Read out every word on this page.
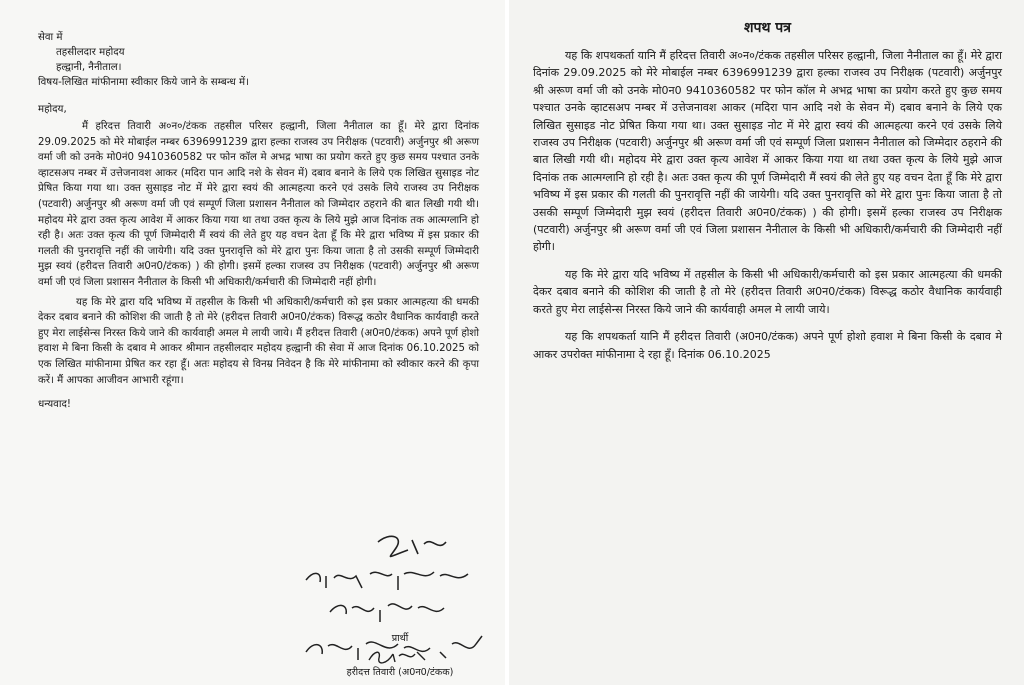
सेवा में

तहसीलदार महोदय

हल्द्वानी, नैनीताल।

विषय-लिखित मांफीनामा स्वीकार किये जाने के सम्बन्ध में।

महोदय,

मैं हरिदत्त तिवारी अ०न०/टंकक तहसील परिसर हल्द्वानी, जिला नैनीताल का हूँ। मेरे द्वारा दिनांक 29.09.2025 को मेरे मोबाईल नम्बर 6396991239 द्वारा हल्का राजस्व उप निरीक्षक (पटवारी) अर्जुनपुर श्री अरूण वर्मा जी को उनके मो0नं0 9410360582 पर फोन कॉल मे अभद्र भाषा का प्रयोग करते हुए कुछ समय पश्चात उनके व्हाटसअप नम्बर में उत्तेजनावश आकर (मदिरा पान आदि नशे के सेवन में) दबाव बनाने के लिये एक लिखित सुसाइड नोट प्रेषित किया गया था। उक्त सुसाइड नोट में मेरे द्वारा स्वयं की आत्महत्या करने एवं उसके लिये राजस्व उप निरीक्षक (पटवारी) अर्जुनपुर श्री अरूण वर्मा जी एवं सम्पूर्ण जिला प्रशासन नैनीताल को जिम्मेदार ठहराने की बात लिखी गयी थी। महोदय मेरे द्वारा उक्त कृत्य आवेश में आकर किया गया था तथा उक्त कृत्य के लिये मुझे आज दिनांक तक आत्मग्लानि हो रही है। अतः उक्त कृत्य की पूर्ण जिम्मेदारी मैं स्वयं की लेते हुए यह वचन देता हूँ कि मेरे द्वारा भविष्य में इस प्रकार की गलती की पुनरावृत्ति नहीं की जायेगी। यदि उक्त पुनरावृत्ति को मेरे द्वारा पुनः किया जाता है तो उसकी सम्पूर्ण जिम्मेदारी मुझ स्वयं (हरीदत्त तिवारी अ0न0/टंकक) ) की होगी। इसमें हल्का राजस्व उप निरीक्षक (पटवारी) अर्जुनपुर श्री अरूण वर्मा जी एवं जिला प्रशासन नैनीताल के किसी भी अधिकारी/कर्मचारी की जिम्मेदारी नहीं होगी।

यह कि मेरे द्वारा यदि भविष्य में तहसील के किसी भी अधिकारी/कर्मचारी को इस प्रकार आत्महत्या की धमकी देकर दबाव बनाने की कोशिश की जाती है तो मेरे (हरीदत्त तिवारी अ0न0/टंकक) विरूद्ध कठोर वैधानिक कार्यवाही करते हुए मेरा लाईसेन्स निरस्त किये जाने की कार्यवाही अमल मे लायी जाये। मैं हरीदत्त तिवारी (अ0न0/टंकक) अपने पूर्ण होशो हवाश मे बिना किसी के दबाव मे आकर श्रीमान तहसीलदार महोदय हल्द्वानी की सेवा में आज दिनांक 06.10.2025 को एक लिखित मांफीनामा प्रेषित कर रहा हूँ। अतः महोदय से विनम्र निवेदन है कि मेरे मांफीनामा को स्वीकार करने की कृपा करें। मैं आपका आजीवन आभारी रहूंगा।

धन्यवाद!

शपथ पत्र

यह कि शपथकर्ता यानि मैं हरिदत्त तिवारी अ०न०/टंकक तहसील परिसर हल्द्वानी, जिला नैनीताल का हूँ। मेरे द्वारा दिनांक 29.09.2025 को मेरे मोबाईल नम्बर 6396991239 द्वारा हल्का राजस्व उप निरीक्षक (पटवारी) अर्जुनपुर श्री अरूण वर्मा जी को उनके मो0न0 9410360582 पर फोन कॉल मे अभद्र भाषा का प्रयोग करते हुए कुछ समय पश्चात उनके व्हाटसअप नम्बर में उत्तेजनावश आकर (मदिरा पान आदि नशे के सेवन में) दबाव बनाने के लिये एक लिखित सुसाइड नोट प्रेषित किया गया था। उक्त सुसाइड नोट में मेरे द्वारा स्वयं की आत्महत्या करने एवं उसके लिये राजस्व उप निरीक्षक (पटवारी) अर्जुनपुर श्री अरूण वर्मा जी एवं सम्पूर्ण जिला प्रशासन नैनीताल को जिम्मेदार ठहराने की बात लिखी गयी थी। महोदय मेरे द्वारा उक्त कृत्य आवेश में आकर किया गया था तथा उक्त कृत्य के लिये मुझे आज दिनांक तक आत्मग्लानि हो रही है। अतः उक्त कृत्य की पूर्ण जिम्मेदारी मैं स्वयं की लेते हुए यह वचन देता हूँ कि मेरे द्वारा भविष्य में इस प्रकार की गलती की पुनरावृत्ति नहीं की जायेगी। यदि उक्त पुनरावृत्ति को मेरे द्वारा पुनः किया जाता है तो उसकी सम्पूर्ण जिम्मेदारी मुझ स्वयं (हरीदत्त तिवारी अ0न0/टंकक) ) की होगी। इसमें हल्का राजस्व उप निरीक्षक (पटवारी) अर्जुनपुर श्री अरूण वर्मा जी एवं जिला प्रशासन नैनीताल के किसी भी अधिकारी/कर्मचारी की जिम्मेदारी नहीं होगी।

यह कि मेरे द्वारा यदि भविष्य में तहसील के किसी भी अधिकारी/कर्मचारी को इस प्रकार आत्महत्या की धमकी देकर दबाव बनाने की कोशिश की जाती है तो मेरे (हरीदत्त तिवारी अ0न0/टंकक) विरूद्ध कठोर वैधानिक कार्यवाही करते हुए मेरा लाईसेन्स निरस्त किये जाने की कार्यवाही अमल मे लायी जाये।

यह कि शपथकर्ता यानि मैं हरीदत्त तिवारी (अ0न0/टंकक) अपने पूर्ण होशो हवाश मे बिना किसी के दबाव मे आकर उपरोक्त मांफीनामा दे रहा हूँ। दिनांक 06.10.2025

प्रार्थी
हरीदत्त तिवारी (अ0न0/टंकक)
